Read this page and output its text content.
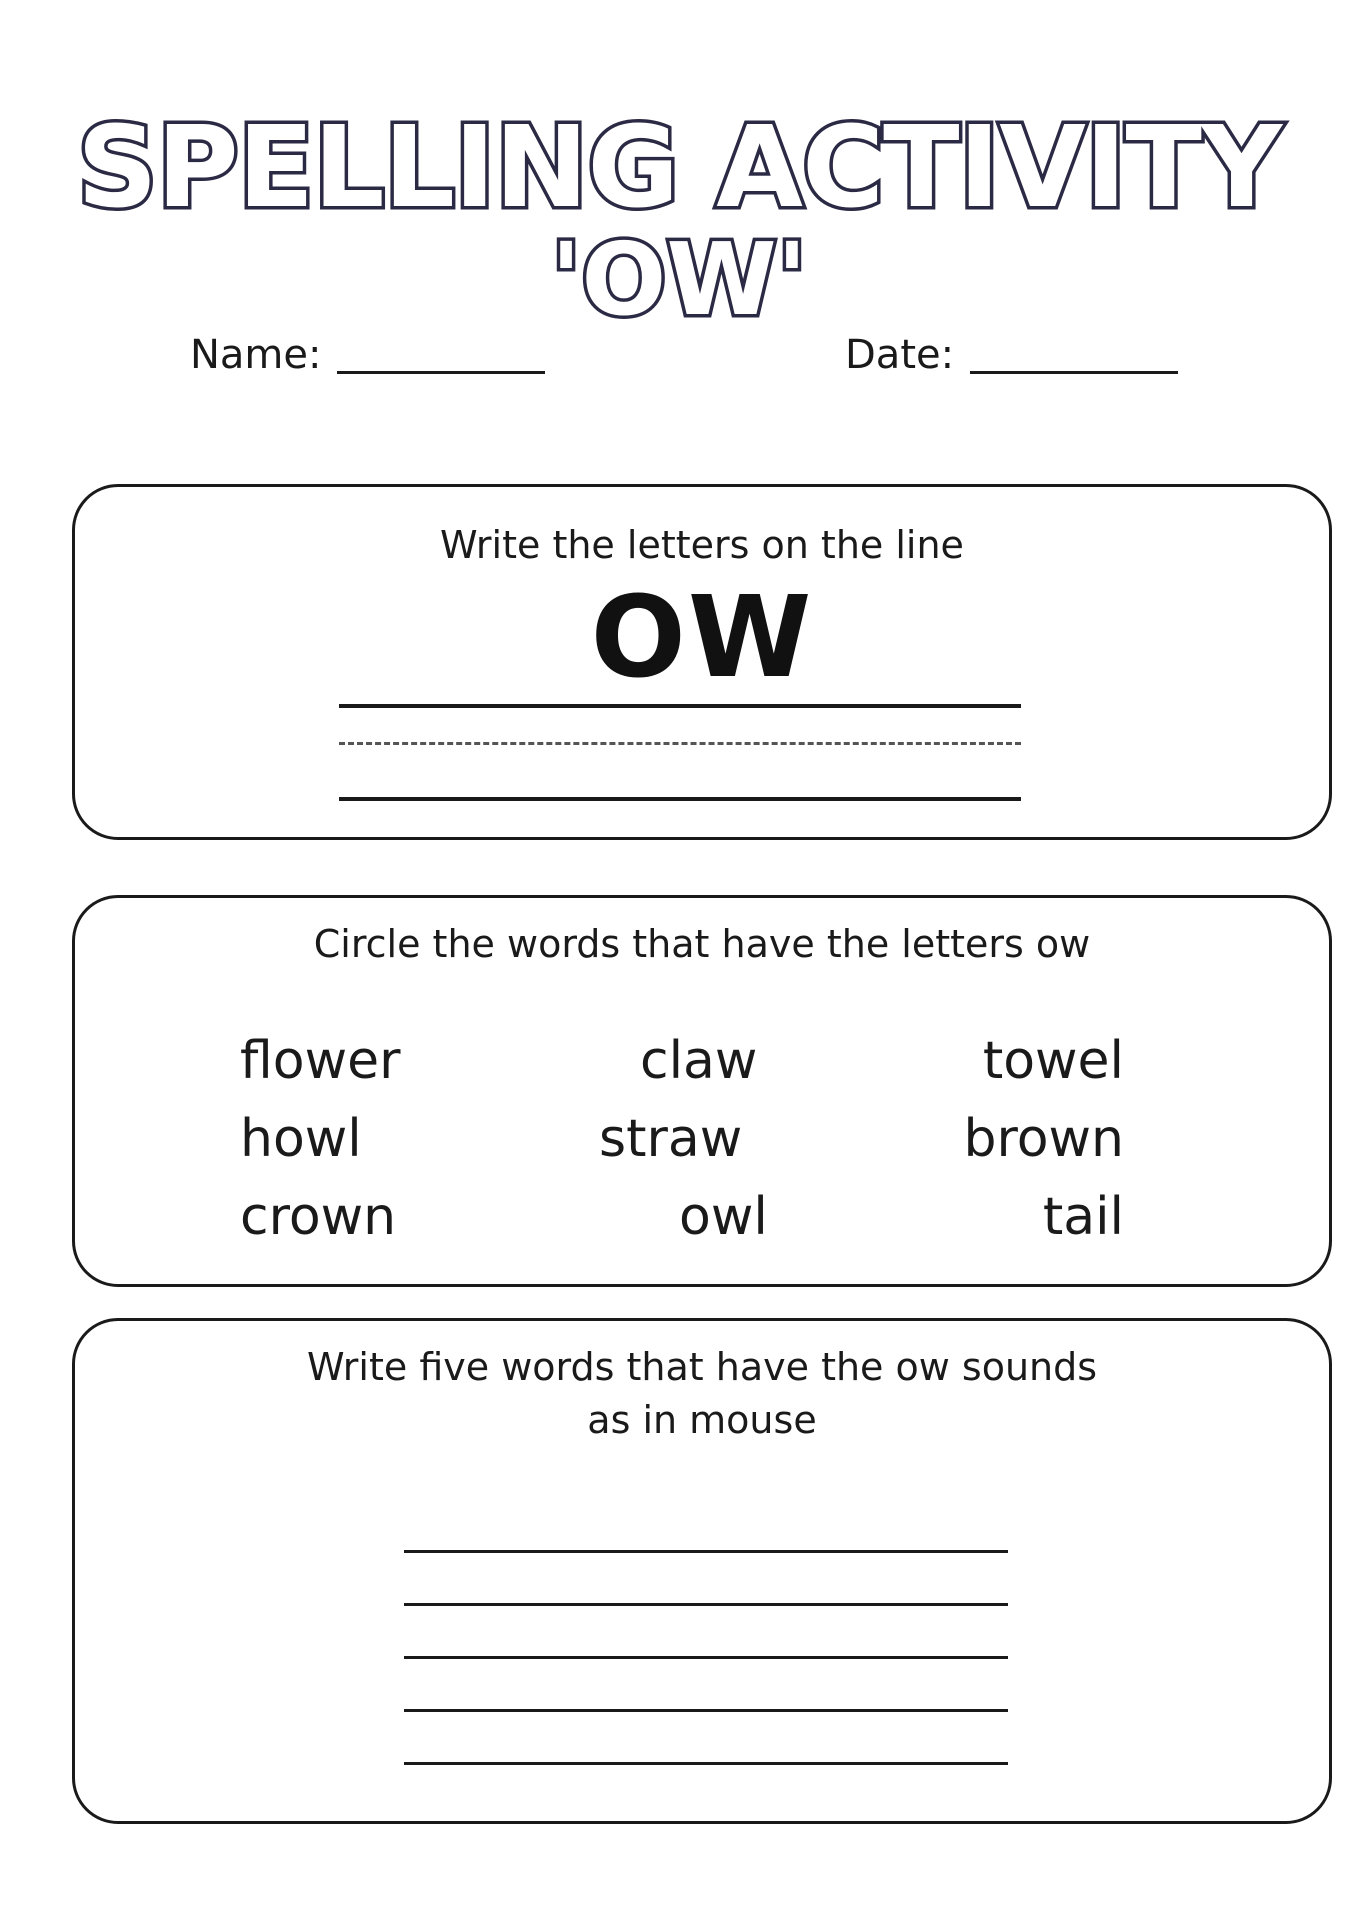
SPELLING ACTIVITY
'OW'
Name:	Date:
Write the letters on the line
OW
Circle the words that have the letters ow
flower	claw	towel
howl	straw	brown
crown	owl	tail
Write five words that have the ow sounds
as in mouse
